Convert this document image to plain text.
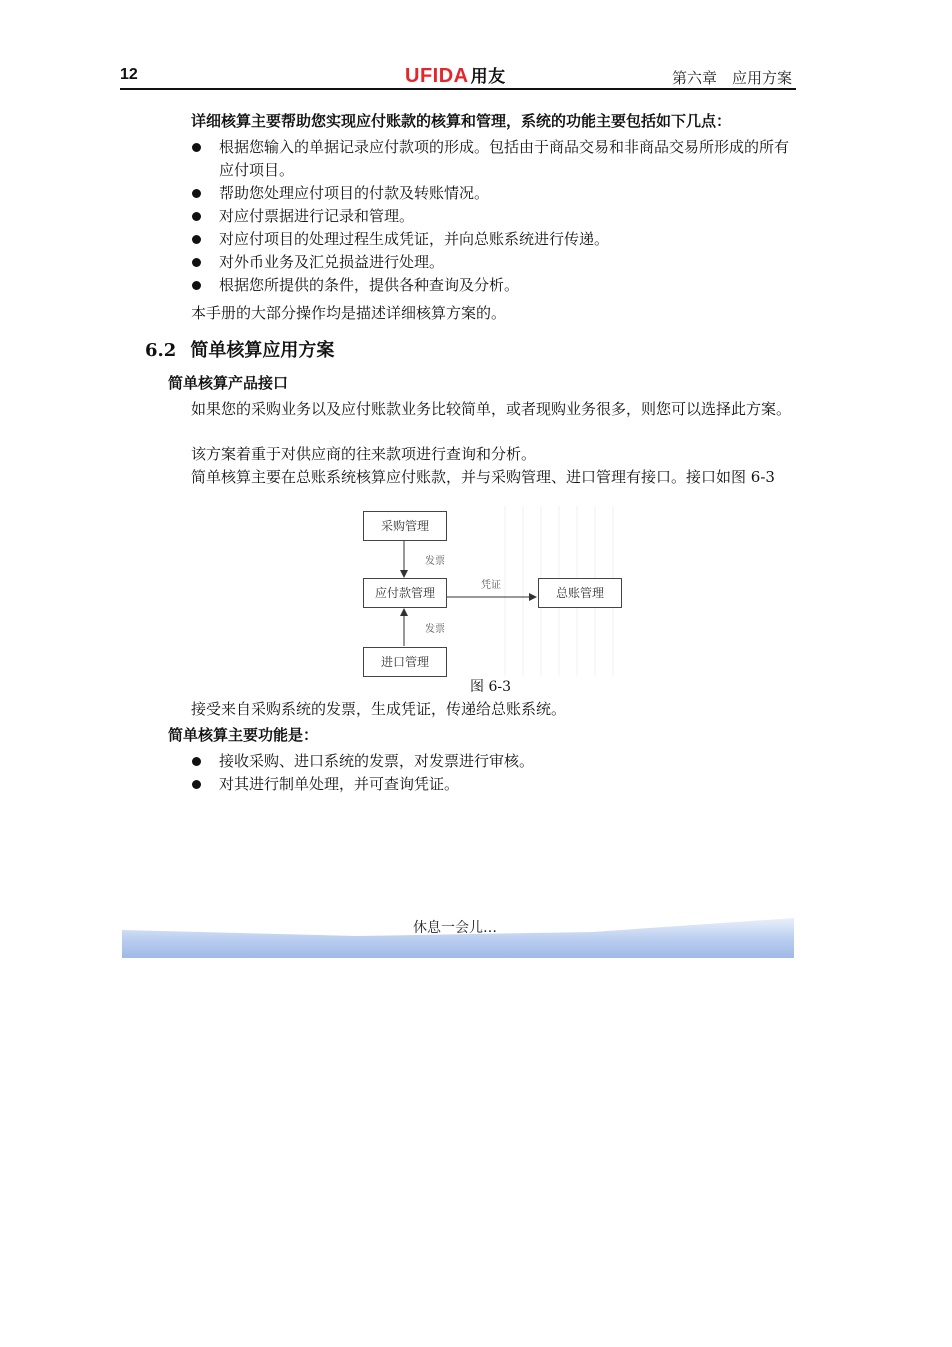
12	UFIDA 用友	第六章　应用方案
详细核算主要帮助您实现应付账款的核算和管理，系统的功能主要包括如下几点：
根据您输入的单据记录应付款项的形成。包括由于商品交易和非商品交易所形成的所有应付项目。
帮助您处理应付项目的付款及转账情况。
对应付票据进行记录和管理。
对应付项目的处理过程生成凭证，并向总账系统进行传递。
对外币业务及汇兑损益进行处理。
根据您所提供的条件，提供各种查询及分析。
本手册的大部分操作均是描述详细核算方案的。
6.2 简单核算应用方案
简单核算产品接口
如果您的采购业务以及应付账款业务比较简单，或者现购业务很多，则您可以选择此方案。
该方案着重于对供应商的往来款项进行查询和分析。
简单核算主要在总账系统核算应付账款，并与采购管理、进口管理有接口。接口如图 6-3
采购管理
发票
应付款管理
凭证
总账管理
发票
进口管理
图 6-3
接受来自采购系统的发票，生成凭证，传递给总账系统。
简单核算主要功能是：
接收采购、进口系统的发票，对发票进行审核。
对其进行制单处理，并可查询凭证。
休息一会儿…
